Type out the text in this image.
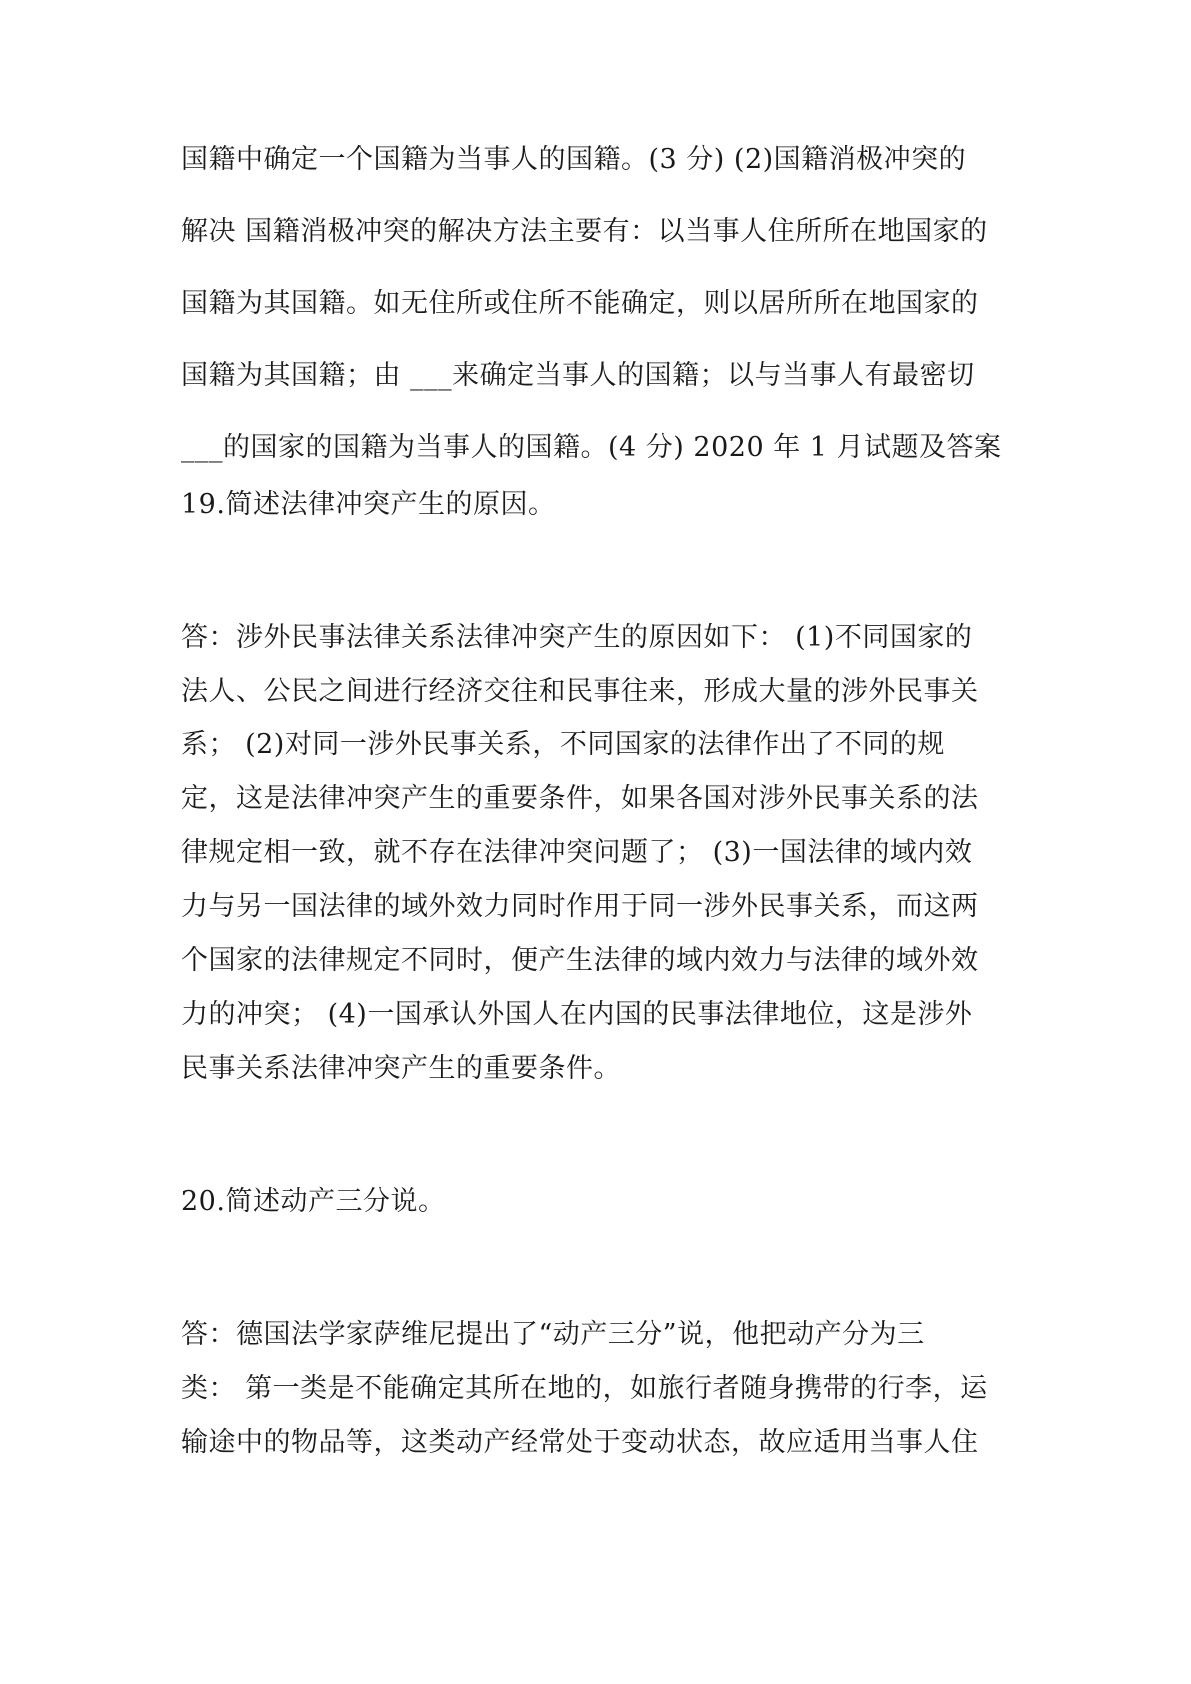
国籍中确定一个国籍为当事人的国籍。(3 分) (2)国籍消极冲突的
解决 国籍消极冲突的解决方法主要有：以当事人住所所在地国家的
国籍为其国籍。如无住所或住所不能确定，则以居所所在地国家的
国籍为其国籍；由 ___来确定当事人的国籍；以与当事人有最密切
___的国家的国籍为当事人的国籍。(4 分) 2020 年 1 月试题及答案
19.简述法律冲突产生的原因。
答：涉外民事法律关系法律冲突产生的原因如下： (1)不同国家的
法人、公民之间进行经济交往和民事往来，形成大量的涉外民事关
系； (2)对同一涉外民事关系，不同国家的法律作出了不同的规
定，这是法律冲突产生的重要条件，如果各国对涉外民事关系的法
律规定相一致，就不存在法律冲突问题了； (3)一国法律的域内效
力与另一国法律的域外效力同时作用于同一涉外民事关系，而这两
个国家的法律规定不同时，便产生法律的域内效力与法律的域外效
力的冲突； (4)一国承认外国人在内国的民事法律地位，这是涉外
民事关系法律冲突产生的重要条件。
20.简述动产三分说。
答：德国法学家萨维尼提出了“动产三分”说，他把动产分为三
类： 第一类是不能确定其所在地的，如旅行者随身携带的行李，运
输途中的物品等，这类动产经常处于变动状态，故应适用当事人住
